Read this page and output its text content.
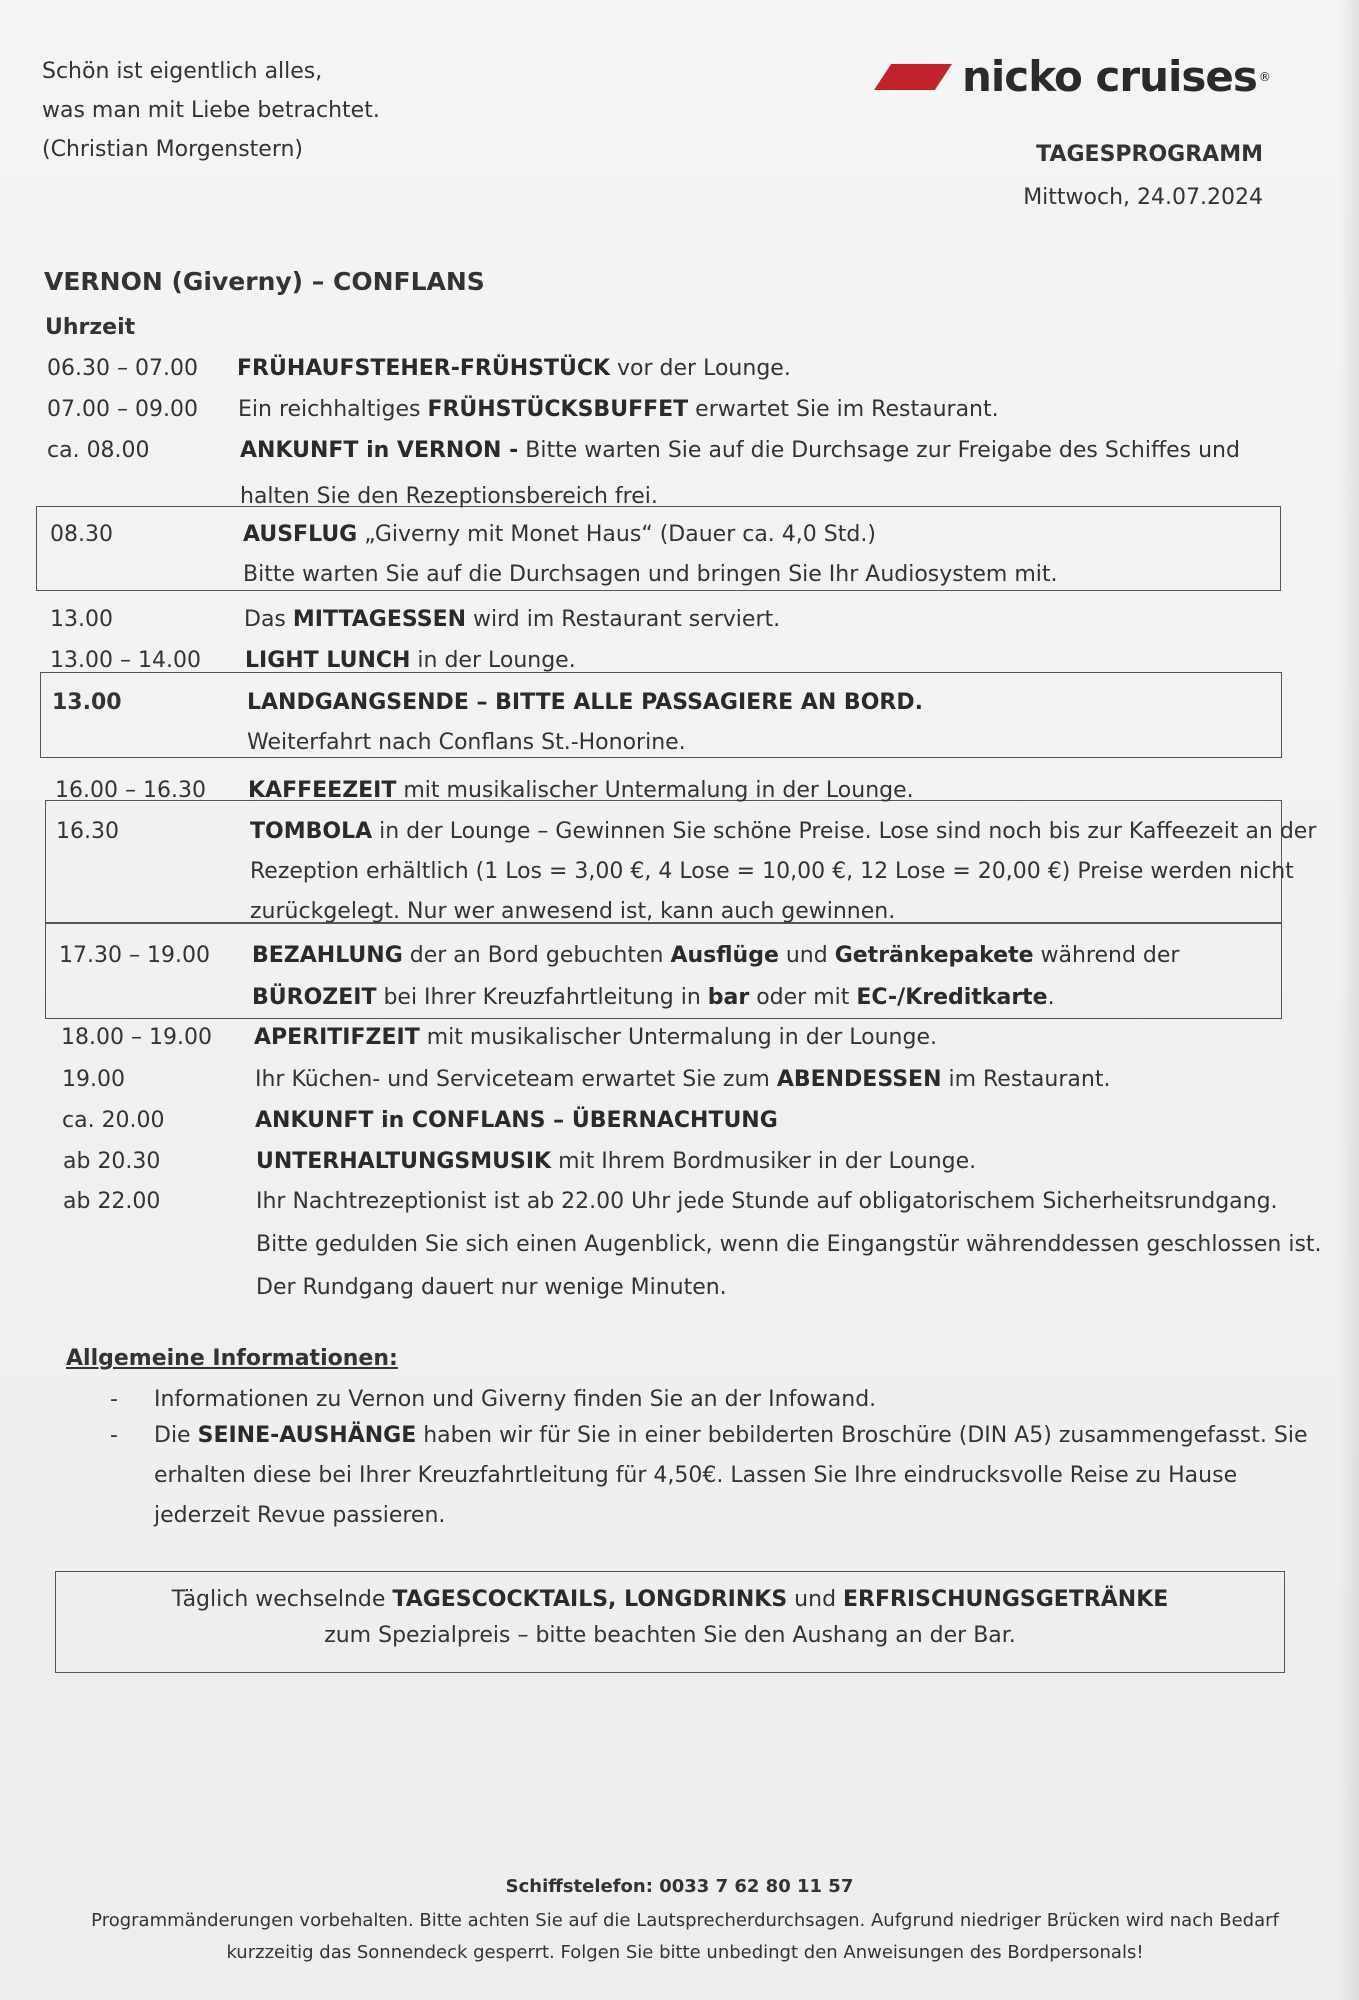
Schön ist eigentlich alles,
was man mit Liebe betrachtet.
(Christian Morgenstern)
nicko cruises ®
TAGESPROGRAMM
Mittwoch, 24.07.2024
VERNON (Giverny) – CONFLANS
Uhrzeit
06.30 – 07.00 FRÜHAUFSTEHER-FRÜHSTÜCK vor der Lounge.
07.00 – 09.00 Ein reichhaltiges FRÜHSTÜCKSBUFFET erwartet Sie im Restaurant.
ca. 08.00	ANKUNFT in VERNON - Bitte warten Sie auf die Durchsage zur Freigabe des Schiffes und
halten Sie den Rezeptionsbereich frei.
08.30	AUSFLUG „Giverny mit Monet Haus“ (Dauer ca. 4,0 Std.)
Bitte warten Sie auf die Durchsagen und bringen Sie Ihr Audiosystem mit.
13.00	Das MITTAGESSEN wird im Restaurant serviert.
13.00 – 14.00 LIGHT LUNCH in der Lounge.
13.00	LANDGANGSENDE – BITTE ALLE PASSAGIERE AN BORD.
Weiterfahrt nach Conflans St.-Honorine.
16.00 – 16.30 KAFFEEZEIT mit musikalischer Untermalung in der Lounge.
16.30	TOMBOLA in der Lounge – Gewinnen Sie schöne Preise. Lose sind noch bis zur Kaffeezeit an der
Rezeption erhältlich (1 Los = 3,00 €, 4 Lose = 10,00 €, 12 Lose = 20,00 €) Preise werden nicht
zurückgelegt. Nur wer anwesend ist, kann auch gewinnen.
17.30 – 19.00 BEZAHLUNG der an Bord gebuchten Ausflüge und Getränkepakete während der
BÜROZEIT bei Ihrer Kreuzfahrtleitung in bar oder mit EC-/Kreditkarte.
18.00 – 19.00 APERITIFZEIT mit musikalischer Untermalung in der Lounge.
19.00	Ihr Küchen- und Serviceteam erwartet Sie zum ABENDESSEN im Restaurant.
ca. 20.00	ANKUNFT in CONFLANS – ÜBERNACHTUNG
ab 20.30	UNTERHALTUNGSMUSIK mit Ihrem Bordmusiker in der Lounge.
ab 22.00	Ihr Nachtrezeptionist ist ab 22.00 Uhr jede Stunde auf obligatorischem Sicherheitsrundgang.
Bitte gedulden Sie sich einen Augenblick, wenn die Eingangstür währenddessen geschlossen ist.
Der Rundgang dauert nur wenige Minuten.
Allgemeine Informationen:
- Informationen zu Vernon und Giverny finden Sie an der Infowand.
- Die SEINE-AUSHÄNGE haben wir für Sie in einer bebilderten Broschüre (DIN A5) zusammengefasst. Sie
erhalten diese bei Ihrer Kreuzfahrtleitung für 4,50€. Lassen Sie Ihre eindrucksvolle Reise zu Hause
jederzeit Revue passieren.
Täglich wechselnde TAGESCOCKTAILS, LONGDRINKS und ERFRISCHUNGSGETRÄNKE
zum Spezialpreis – bitte beachten Sie den Aushang an der Bar.
Schiffstelefon: 0033 7 62 80 11 57
Programmänderungen vorbehalten. Bitte achten Sie auf die Lautsprecherdurchsagen. Aufgrund niedriger Brücken wird nach Bedarf
kurzzeitig das Sonnendeck gesperrt. Folgen Sie bitte unbedingt den Anweisungen des Bordpersonals!
